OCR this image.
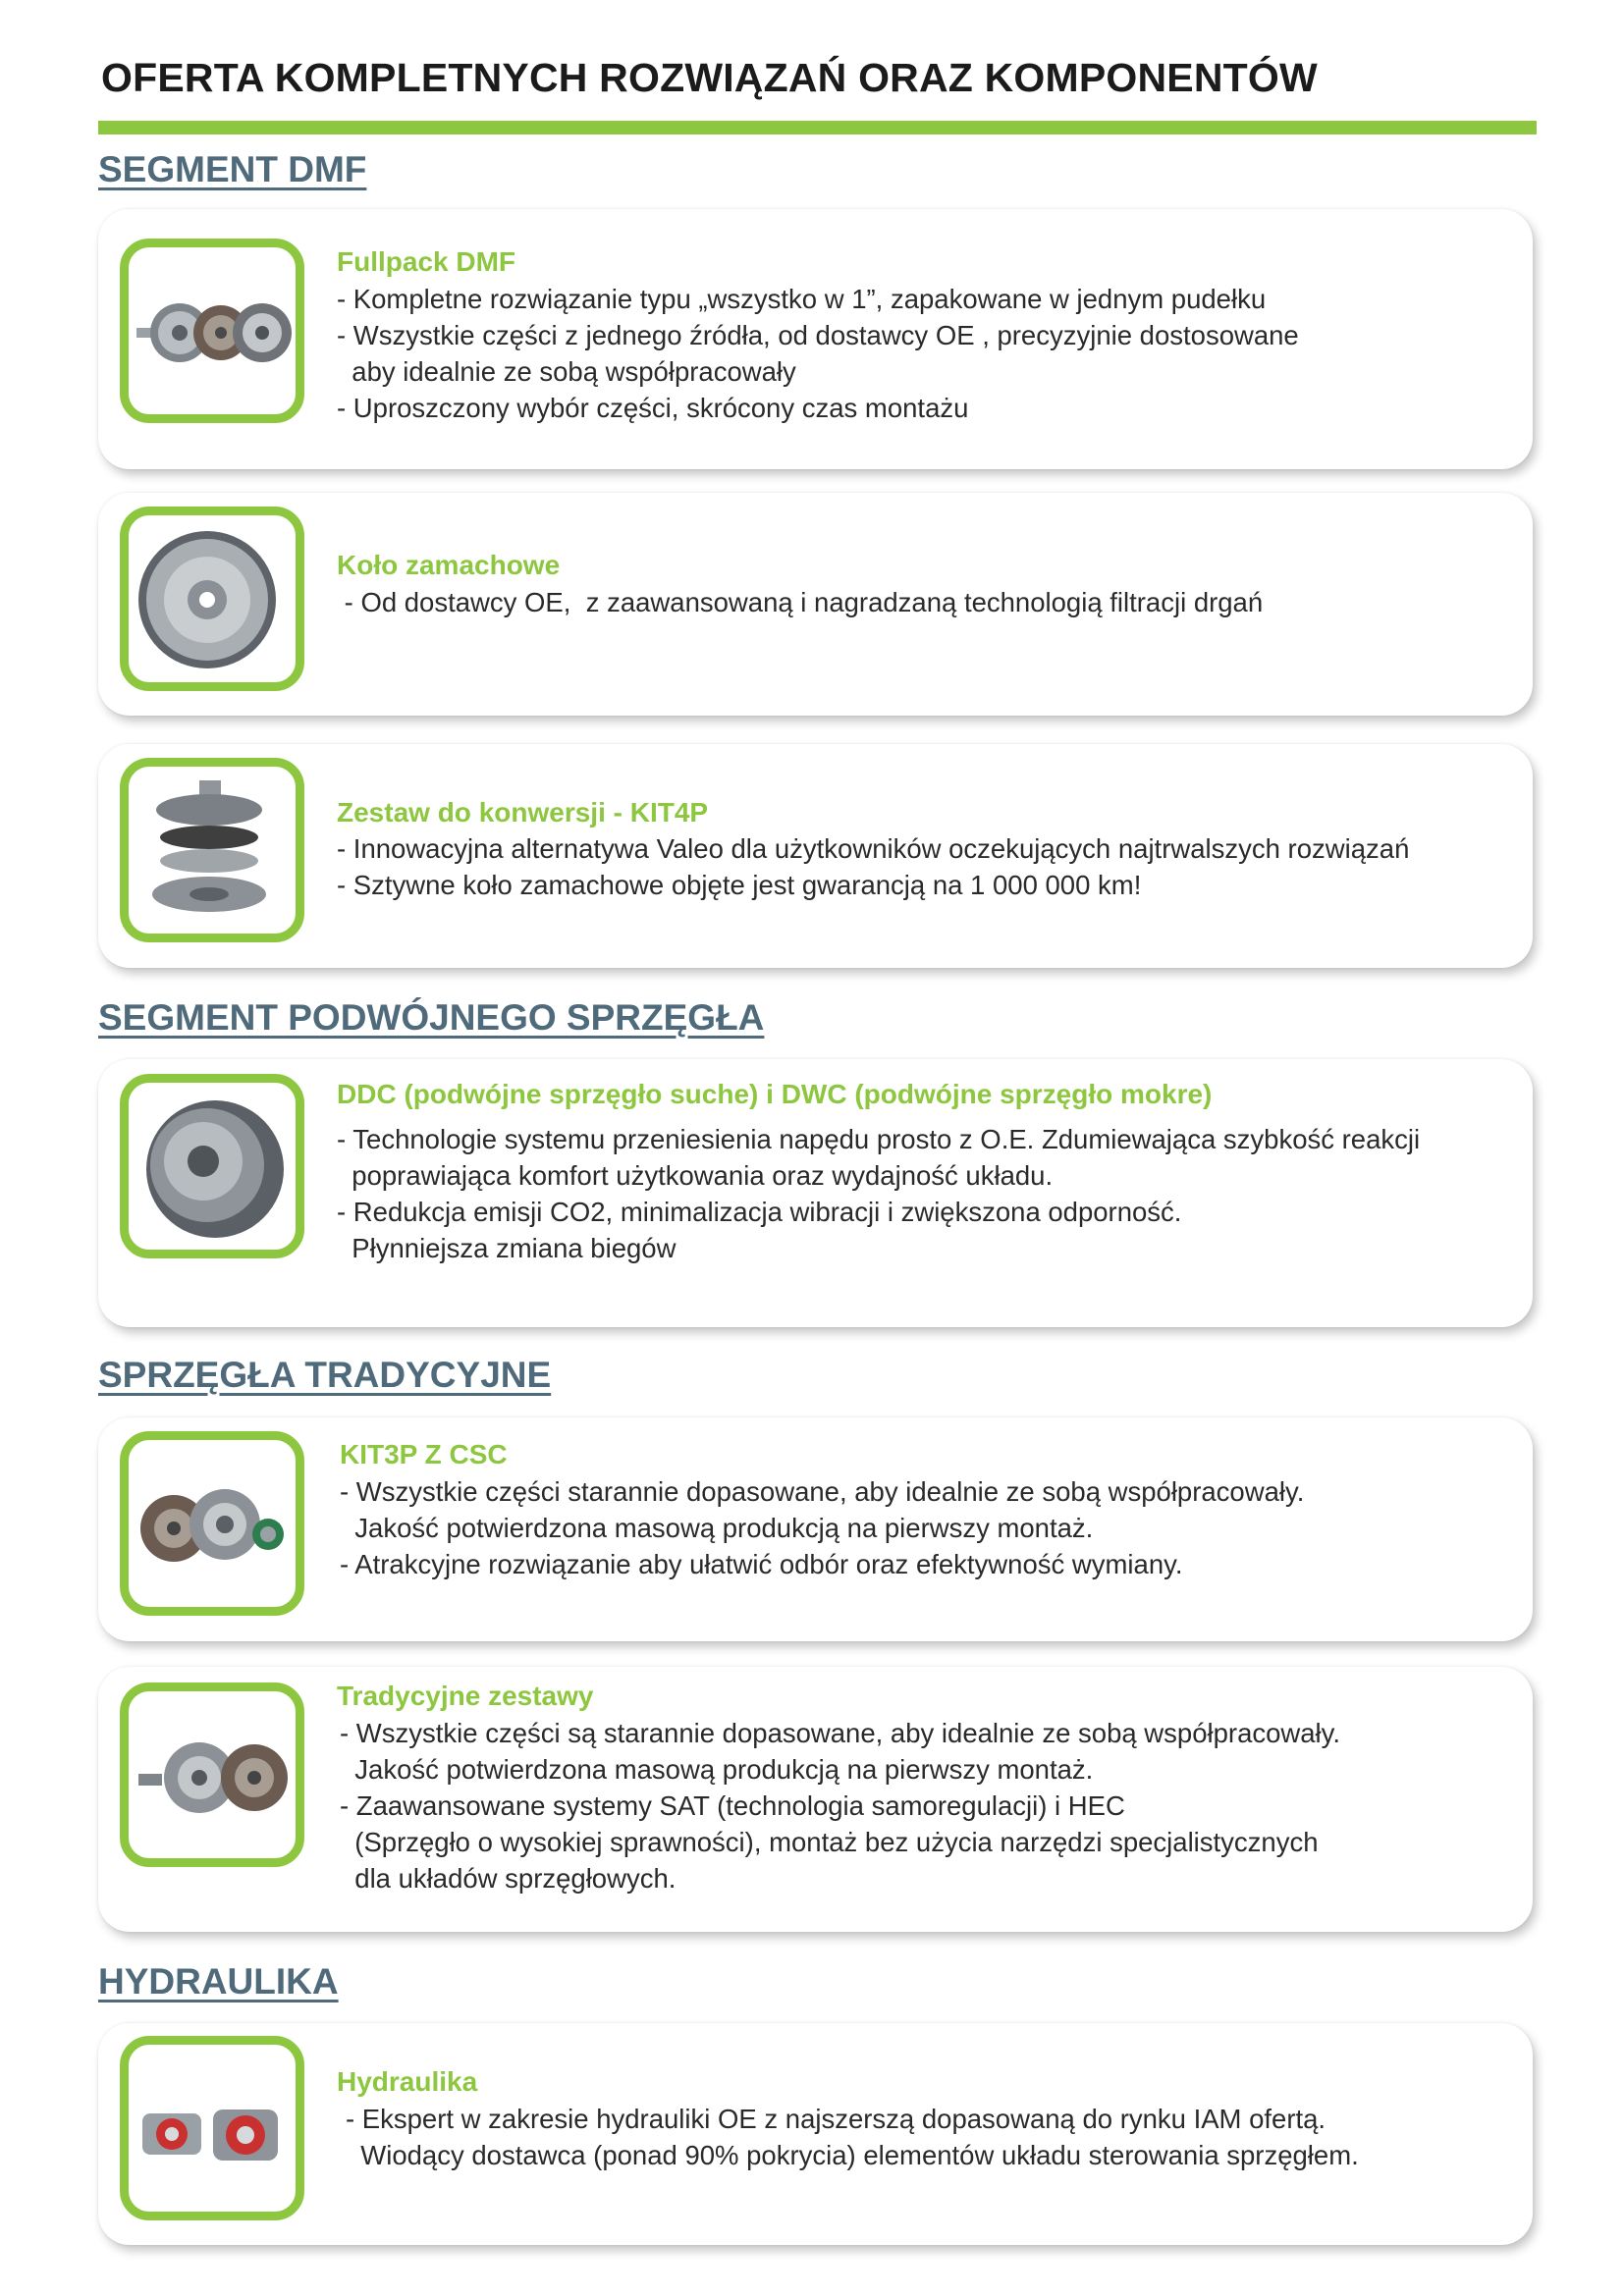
OFERTA KOMPLETNYCH ROZWIĄZAŃ ORAZ KOMPONENTÓW
SEGMENT DMF
Fullpack DMF
- Kompletne rozwiązanie typu „wszystko w 1”, zapakowane w jednym pudełku
- Wszystkie części z jednego źródła, od dostawcy OE , precyzyjnie dostosowane
aby idealnie ze sobą współpracowały
- Uproszczony wybór części, skrócony czas montażu
Koło zamachowe
- Od dostawcy OE,  z zaawansowaną i nagradzaną technologią filtracji drgań
Zestaw do konwersji - KIT4P
- Innowacyjna alternatywa Valeo dla użytkowników oczekujących najtrwalszych rozwiązań
- Sztywne koło zamachowe objęte jest gwarancją na 1 000 000 km!
SEGMENT PODWÓJNEGO SPRZĘGŁA
DDC (podwójne sprzęgło suche) i DWC (podwójne sprzęgło mokre)
- Technologie systemu przeniesienia napędu prosto z O.E. Zdumiewająca szybkość reakcji
poprawiająca komfort użytkowania oraz wydajność układu.
- Redukcja emisji CO2, minimalizacja wibracji i zwiększona odporność.
Płynniejsza zmiana biegów
SPRZĘGŁA TRADYCYJNE
KIT3P Z CSC
- Wszystkie części starannie dopasowane, aby idealnie ze sobą współpracowały.
Jakość potwierdzona masową produkcją na pierwszy montaż.
- Atrakcyjne rozwiązanie aby ułatwić odbór oraz efektywność wymiany.
Tradycyjne zestawy
- Wszystkie części są starannie dopasowane, aby idealnie ze sobą współpracowały.
Jakość potwierdzona masową produkcją na pierwszy montaż.
- Zaawansowane systemy SAT (technologia samoregulacji) i HEC
(Sprzęgło o wysokiej sprawności), montaż bez użycia narzędzi specjalistycznych
dla układów sprzęgłowych.
HYDRAULIKA
Hydraulika
- Ekspert w zakresie hydrauliki OE z najszerszą dopasowaną do rynku IAM ofertą.
Wiodący dostawca (ponad 90% pokrycia) elementów układu sterowania sprzęgłem.
